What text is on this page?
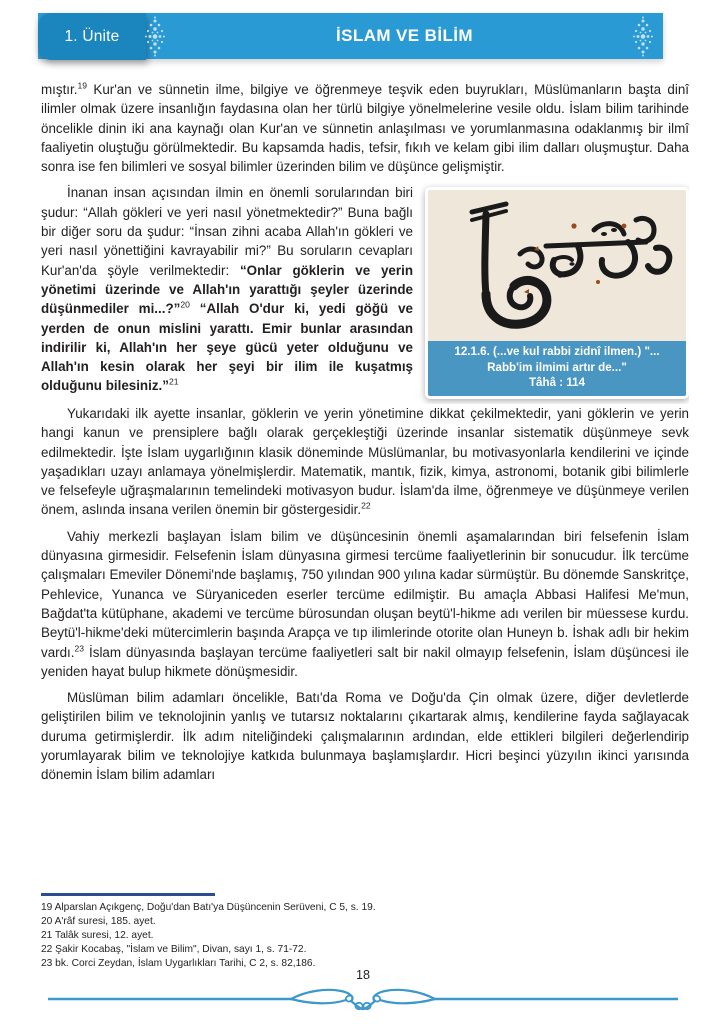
İSLAM VE BİLİM
1. Ünite

mıştır.$^{19}$ Kur'an ve sünnetin ilme, bilgiye ve öğrenmeye teşvik eden buyrukları, Müslümanların başta dinî ilimler olmak üzere insanlığın faydasına olan her türlü bilgiye yönelmelerine vesile oldu. İslam bilim tarihinde öncelikle dinin iki ana kaynağı olan Kur'an ve sünnetin anlaşılması ve yorumlanmasına odaklanmış bir ilmî faaliyetin oluştuğu görülmektedir. Bu kapsamda hadis, tefsir, fıkıh ve kelam gibi ilim dalları oluşmuştur. Daha sonra ise fen bilimleri ve sosyal bilimler üzerinden bilim ve düşünce gelişmiştir.

12.1.6. (...ve kul rabbi zidnî ilmen.) "...
Rabb'im ilmimi artır de..."
Tâhâ : 114

İnanan insan açısından ilmin en önemli sorularından biri şudur: “Allah gökleri ve yeri nasıl yönetmektedir?” Buna bağlı bir diğer soru da şudur: “İnsan zihni acaba Allah'ın gökleri ve yeri nasıl yönettiğini kavrayabilir mi?” Bu soruların cevapları Kur'an'da şöyle verilmektedir: “Onlar göklerin ve yerin yönetimi üzerinde ve Allah'ın yarattığı şeyler üzerinde düşünmediler mi...?”$^{20}$ “Allah O'dur ki, yedi göğü ve yerden de onun mislini yarattı. Emir bunlar arasından indirilir ki, Allah'ın her şeye gücü yeter olduğunu ve Allah'ın kesin olarak her şeyi bir ilim ile kuşatmış olduğunu bilesiniz.”$^{21}$

Yukarıdaki ilk ayette insanlar, göklerin ve yerin yönetimine dikkat çekilmektedir, yani göklerin ve yerin hangi kanun ve prensiplere bağlı olarak gerçekleştiği üzerinde insanlar sistematik düşünmeye sevk edilmektedir. İşte İslam uygarlığının klasik döneminde Müslümanlar, bu motivasyonlarla kendilerini ve içinde yaşadıkları uzayı anlamaya yönelmişlerdir. Matematik, mantık, fizik, kimya, astronomi, botanik gibi bilimlerle ve felsefeyle uğraşmalarının temelindeki motivasyon budur. İslam'da ilme, öğrenmeye ve düşünmeye verilen önem, aslında insana verilen önemin bir göstergesidir.$^{22}$

Vahiy merkezli başlayan İslam bilim ve düşüncesinin önemli aşamalarından biri felsefenin İslam dünyasına girmesidir. Felsefenin İslam dünyasına girmesi tercüme faaliyetlerinin bir sonucudur. İlk tercüme çalışmaları Emeviler Dönemi'nde başlamış, 750 yılından 900 yılına kadar sürmüştür. Bu dönemde Sanskritçe, Pehlevice, Yunanca ve Süryaniceden eserler tercüme edilmiştir. Bu amaçla Abbasi Halifesi Me'mun, Bağdat'ta kütüphane, akademi ve tercüme bürosundan oluşan beytü'l-hikme adı verilen bir müessese kurdu. Beytü'l-hikme'deki mütercimlerin başında Arapça ve tıp ilimlerinde otorite olan Huneyn b. İshak adlı bir hekim vardı.$^{23}$ İslam dünyasında başlayan tercüme faaliyetleri salt bir nakil olmayıp felsefenin, İslam düşüncesi ile yeniden hayat bulup hikmete dönüşmesidir.

Müslüman bilim adamları öncelikle, Batı'da Roma ve Doğu'da Çin olmak üzere, diğer devletlerde geliştirilen bilim ve teknolojinin yanlış ve tutarsız noktalarını çıkartarak almış, kendilerine fayda sağlayacak duruma getirmişlerdir. İlk adım niteliğindeki çalışmalarının ardından, elde ettikleri bilgileri değerlendirip yorumlayarak bilim ve teknolojiye katkıda bulunmaya başlamışlardır. Hicri beşinci yüzyılın ikinci yarısında dönemin İslam bilim adamları

19 Alparslan Açıkgenç, Doğu'dan Batı'ya Düşüncenin Serüveni, C 5, s. 19.
20 A'râf suresi, 185. ayet.
21 Talâk suresi, 12. ayet.
22 Şakir Kocabaş, "İslam ve Bilim", Divan, sayı 1, s. 71-72.
23 bk. Corci Zeydan, İslam Uygarlıkları Tarihi, C 2, s. 82,186.
18
